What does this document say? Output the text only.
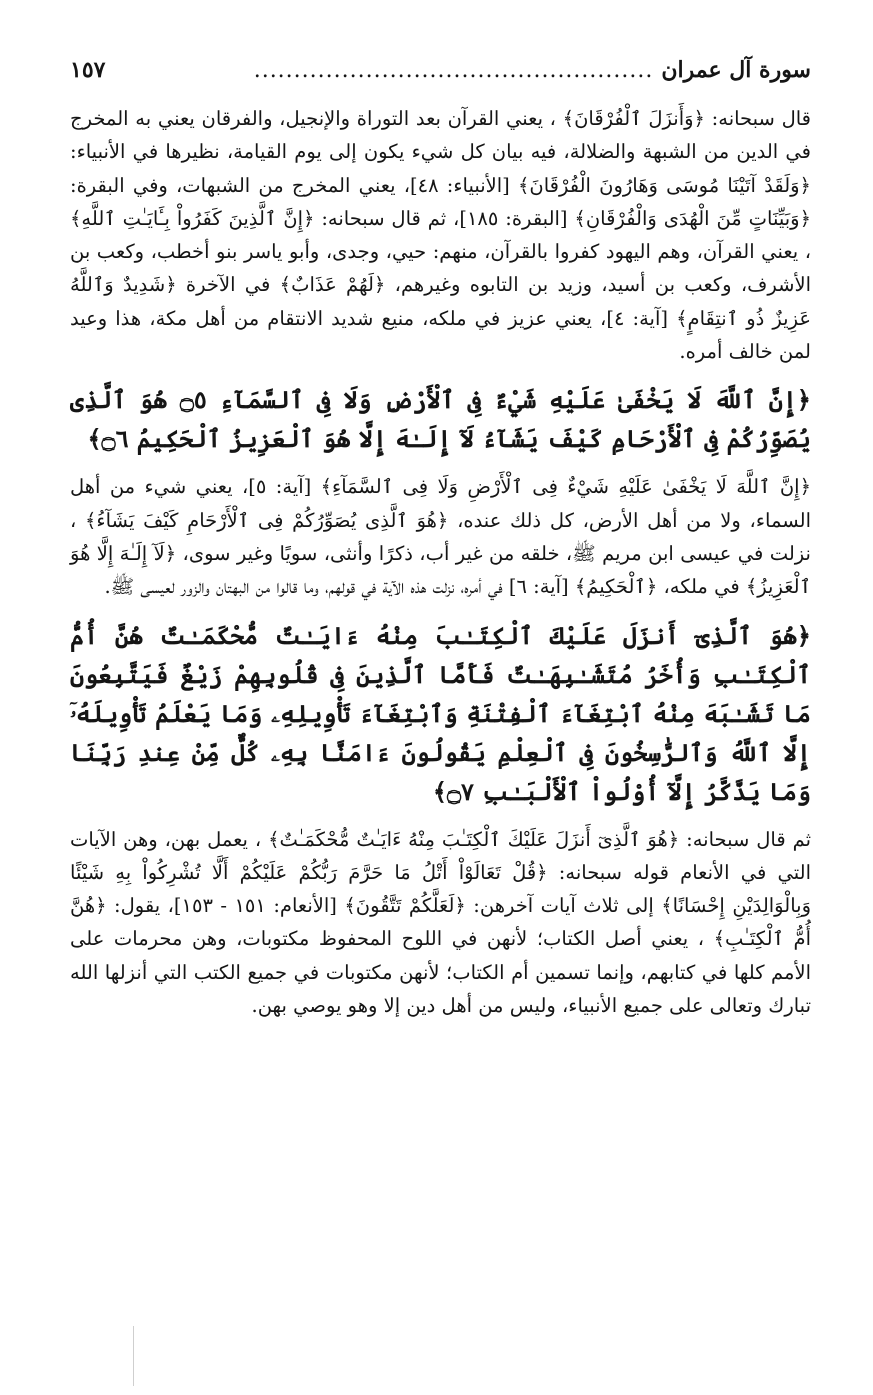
سورة آل عمران
..................................................
١٥٧

قال سبحانه: ﴿وَأَنزَلَ ٱلْفُرْقَانَ﴾ ، يعني القرآن بعد التوراة والإنجيل، والفرقان يعني به المخرج في الدين من الشبهة والضلالة، فيه بيان كل شيء يكون إلى يوم القيامة، نظيرها في الأنبياء: ﴿وَلَقَدْ آتَيْنَا مُوسَى وَهَارُونَ الْفُرْقَانَ﴾ [الأنبياء: ٤٨]، يعني المخرج من الشبهات، وفي البقرة: ﴿وَبَيِّنَاتٍ مِّنَ الْهُدَى وَالْفُرْقَانِ﴾ [البقرة: ١٨٥]، ثم قال سبحانه: ﴿إِنَّ ٱلَّذِينَ كَفَرُواْ بِـَٔايَـٰتِ ٱللَّهِ﴾ ، يعني القرآن، وهم اليهود كفروا بالقرآن، منهم: حيي، وجدى، وأبو ياسر بنو أخطب، وكعب بن الأشرف، وكعب بن أسيد، وزيد بن التابوه وغيرهم، ﴿لَهُمْ عَذَابٌ﴾ في الآخرة ﴿شَدِيدٌ وَٱللَّهُ عَزِيزٌ ذُو ٱنتِقَامٍ﴾ [آية: ٤]، يعني عزيز في ملكه، منيع شديد الانتقام من أهل مكة، هذا وعيد لمن خالف أمره.

﴿إِنَّ ٱللَّهَ لَا يَخْفَىٰ عَلَيْهِ شَيْءٌ فِى ٱلْأَرْضِ وَلَا فِى ٱلسَّمَآءِ ۝٥ هُوَ ٱلَّذِى يُصَوِّرُكُمْ فِى ٱلْأَرْحَامِ كَيْفَ يَشَآءُ لَآ إِلَـٰهَ إِلَّا هُوَ ٱلْعَزِيزُ ٱلْحَكِيمُ ۝٦﴾

﴿إِنَّ ٱللَّهَ لَا يَخْفَىٰ عَلَيْهِ شَيْءٌ فِى ٱلْأَرْضِ وَلَا فِى ٱلسَّمَآءِ﴾ [آية: ٥]، يعني شيء من أهل السماء، ولا من أهل الأرض، كل ذلك عنده، ﴿هُوَ ٱلَّذِى يُصَوِّرُكُمْ فِى ٱلْأَرْحَامِ كَيْفَ يَشَآءُ﴾ ، نزلت في عيسى ابن مريم ﷺ، خلقه من غير أب، ذكرًا وأنثى، سويًا وغير سوى، ﴿لَآ إِلَـٰهَ إِلَّا هُوَ ٱلْعَزِيزُ﴾ في ملكه، ﴿ٱلْحَكِيمُ﴾ [آية: ٦] في أمره، نزلت هذه الآية في قولهم، وما قالوا من البهتان والزور لعيسى ﷺ.

﴿هُوَ ٱلَّذِىٓ أَنزَلَ عَلَيْكَ ٱلْكِتَـٰبَ مِنْهُ ءَايَـٰتٌ مُّحْكَمَـٰتٌ هُنَّ أُمُّ ٱلْكِتَـٰبِ وَأُخَرُ مُتَشَـٰبِهَـٰتٌ فَأَمَّا ٱلَّذِينَ فِى قُلُوبِهِمْ زَيْغٌ فَيَتَّبِعُونَ مَا تَشَـٰبَهَ مِنْهُ ٱبْتِغَآءَ ٱلْفِتْنَةِ وَٱبْتِغَآءَ تَأْوِيلِهِۦ وَمَا يَعْلَمُ تَأْوِيلَهُۥٓ إِلَّا ٱللَّهُ وَٱلرَّٰسِخُونَ فِى ٱلْعِلْمِ يَقُولُونَ ءَامَنَّا بِهِۦ كُلٌّ مِّنْ عِندِ رَبِّنَا وَمَا يَذَّكَّرُ إِلَّآ أُوْلُواْ ٱلْأَلْبَـٰبِ ۝٧﴾

ثم قال سبحانه: ﴿هُوَ ٱلَّذِىٓ أَنزَلَ عَلَيْكَ ٱلْكِتَـٰبَ مِنْهُ ءَايَـٰتٌ مُّحْكَمَـٰتٌ﴾ ، يعمل بهن، وهن الآيات التي في الأنعام قوله سبحانه: ﴿قُلْ تَعَالَوْاْ أَتْلُ مَا حَرَّمَ رَبُّكُمْ عَلَيْكُمْ أَلَّا تُشْرِكُواْ بِهِ شَيْئًا وَبِالْوَالِدَيْنِ إِحْسَانًا﴾ إلى ثلاث آيات آخرهن: ﴿لَعَلَّكُمْ تَتَّقُونَ﴾ [الأنعام: ١٥١ - ١٥٣]، يقول: ﴿هُنَّ أُمُّ ٱلْكِتَـٰبِ﴾ ، يعني أصل الكتاب؛ لأنهن في اللوح المحفوظ مكتوبات، وهن محرمات على الأمم كلها في كتابهم، وإنما تسمين أم الكتاب؛ لأنهن مكتوبات في جميع الكتب التي أنزلها الله تبارك وتعالى على جميع الأنبياء، وليس من أهل دين إلا وهو يوصي بهن.
